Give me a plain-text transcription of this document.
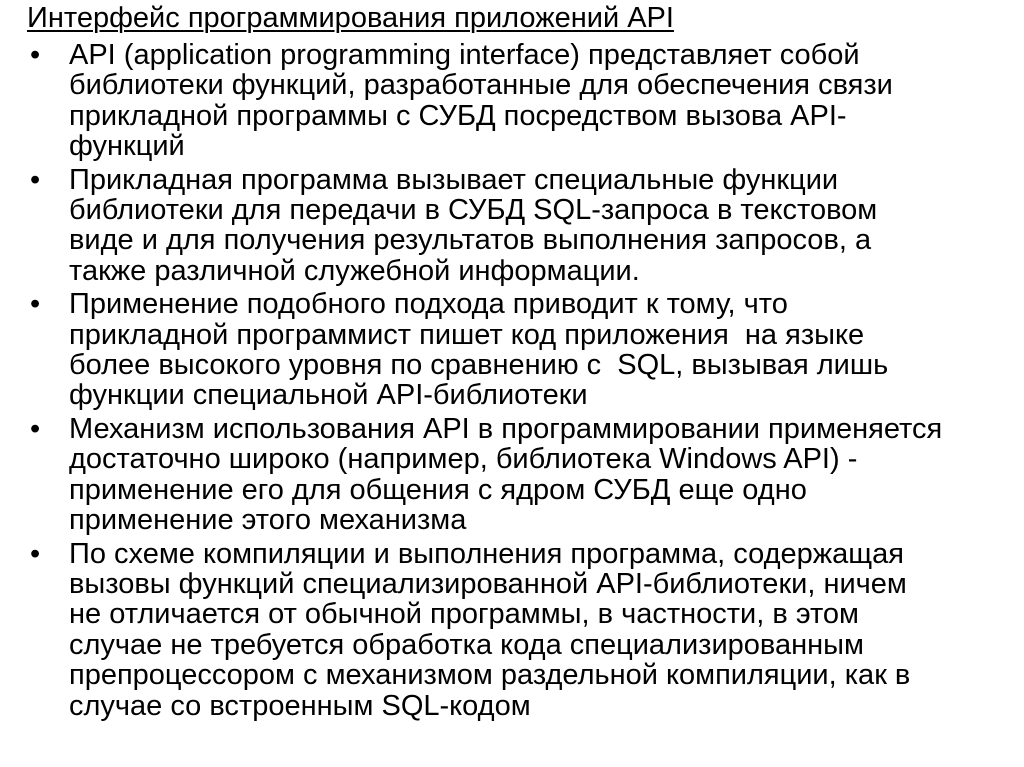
Интерфейс программирования приложений API
• API (application programming interface) представляет собой
библиотеки функций, разработанные для обеспечения связи
прикладной программы с СУБД посредством вызова API-
функций
• Прикладная программа вызывает специальные функции
библиотеки для передачи в СУБД SQL-запроса в текстовом
виде и для получения результатов выполнения запросов, а
также различной служебной информации.
• Применение подобного подхода приводит к тому, что
прикладной программист пишет код приложения  на языке
более высокого уровня по сравнению с  SQL, вызывая лишь
функции специальной API-библиотеки
• Механизм использования API в программировании применяется
достаточно широко (например, библиотека Windows API) -
применение его для общения с ядром СУБД еще одно
применение этого механизма
• По схеме компиляции и выполнения программа, содержащая
вызовы функций специализированной API-библиотеки, ничем
не отличается от обычной программы, в частности, в этом
случае не требуется обработка кода специализированным
препроцессором с механизмом раздельной компиляции, как в
случае со встроенным SQL-кодом
